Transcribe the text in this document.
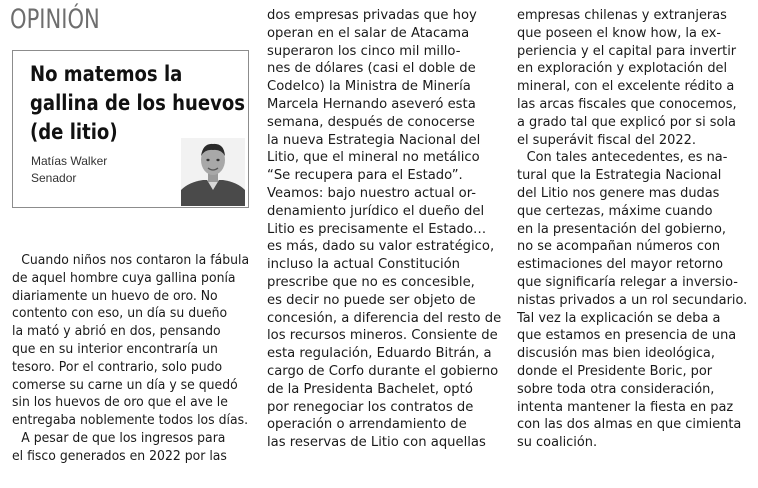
OPINIÓN
No matemos la
gallina de los huevos
(de litio)
Matías Walker
Senador

Cuando niños nos contaron la fábula
de aquel hombre cuya gallina ponía
diariamente un huevo de oro. No
contento con eso, un día su dueño
la mató y abrió en dos, pensando
que en su interior encontraría un
tesoro. Por el contrario, solo pudo
comerse su carne un día y se quedó
sin los huevos de oro que el ave le
entregaba noblemente todos los días.

A pesar de que los ingresos para
el fisco generados en 2022 por las

dos empresas privadas que hoy
operan en el salar de Atacama
superaron los cinco mil millo-
nes de dólares (casi el doble de
Codelco) la Ministra de Minería
Marcela Hernando aseveró esta
semana, después de conocerse
la nueva Estrategia Nacional del
Litio, que el mineral no metálico
“Se recupera para el Estado”.
Veamos: bajo nuestro actual or-
denamiento jurídico el dueño del
Litio es precisamente el Estado…
es más, dado su valor estratégico,
incluso la actual Constitución
prescribe que no es concesible,
es decir no puede ser objeto de
concesión, a diferencia del resto de
los recursos mineros. Consiente de
esta regulación, Eduardo Bitrán, a
cargo de Corfo durante el gobierno
de la Presidenta Bachelet, optó
por renegociar los contratos de
operación o arrendamiento de
las reservas de Litio con aquellas

empresas chilenas y extranjeras
que poseen el know how, la ex-
periencia y el capital para invertir
en exploración y explotación del
mineral, con el excelente rédito a
las arcas fiscales que conocemos,
a grado tal que explicó por si sola
el superávit fiscal del 2022.

Con tales antecedentes, es na-
tural que la Estrategia Nacional
del Litio nos genere mas dudas
que certezas, máxime cuando
en la presentación del gobierno,
no se acompañan números con
estimaciones del mayor retorno
que significaría relegar a inversio-
nistas privados a un rol secundario.

Tal vez la explicación se deba a
que estamos en presencia de una
discusión mas bien ideológica,
donde el Presidente Boric, por
sobre toda otra consideración,
intenta mantener la fiesta en paz
con las dos almas en que cimienta
su coalición.
